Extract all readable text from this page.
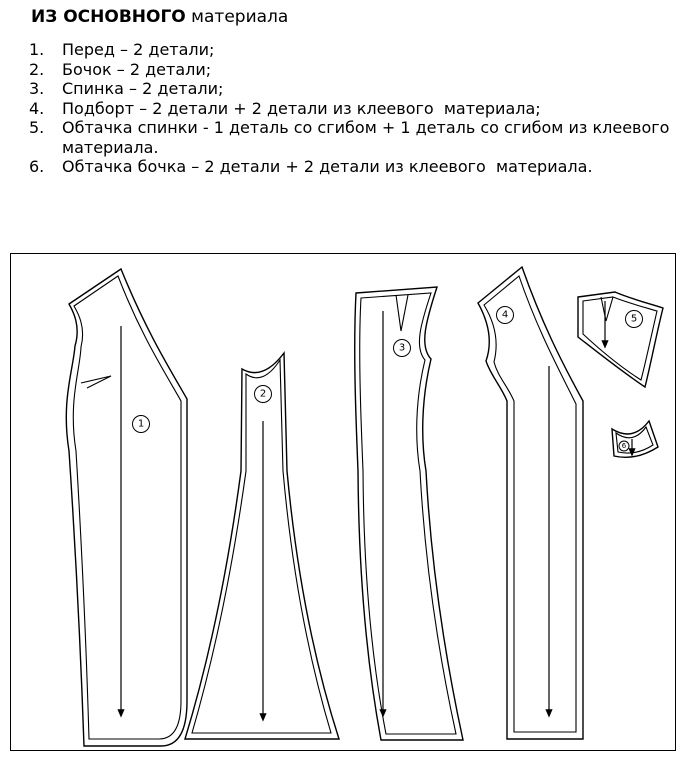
ИЗ ОСНОВНОГО материала
1.	Перед – 2 детали;
2.	Бочок – 2 детали;
3.	Спинка – 2 детали;
4.	Подборт – 2 детали + 2 детали из клеевого  материала;
5.	Обтачка спинки - 1 деталь со сгибом + 1 деталь со сгибом из клеевого  материала.
6.	Обтачка бочка – 2 детали + 2 детали из клеевого  материала.
1
2
3
4	5
6
